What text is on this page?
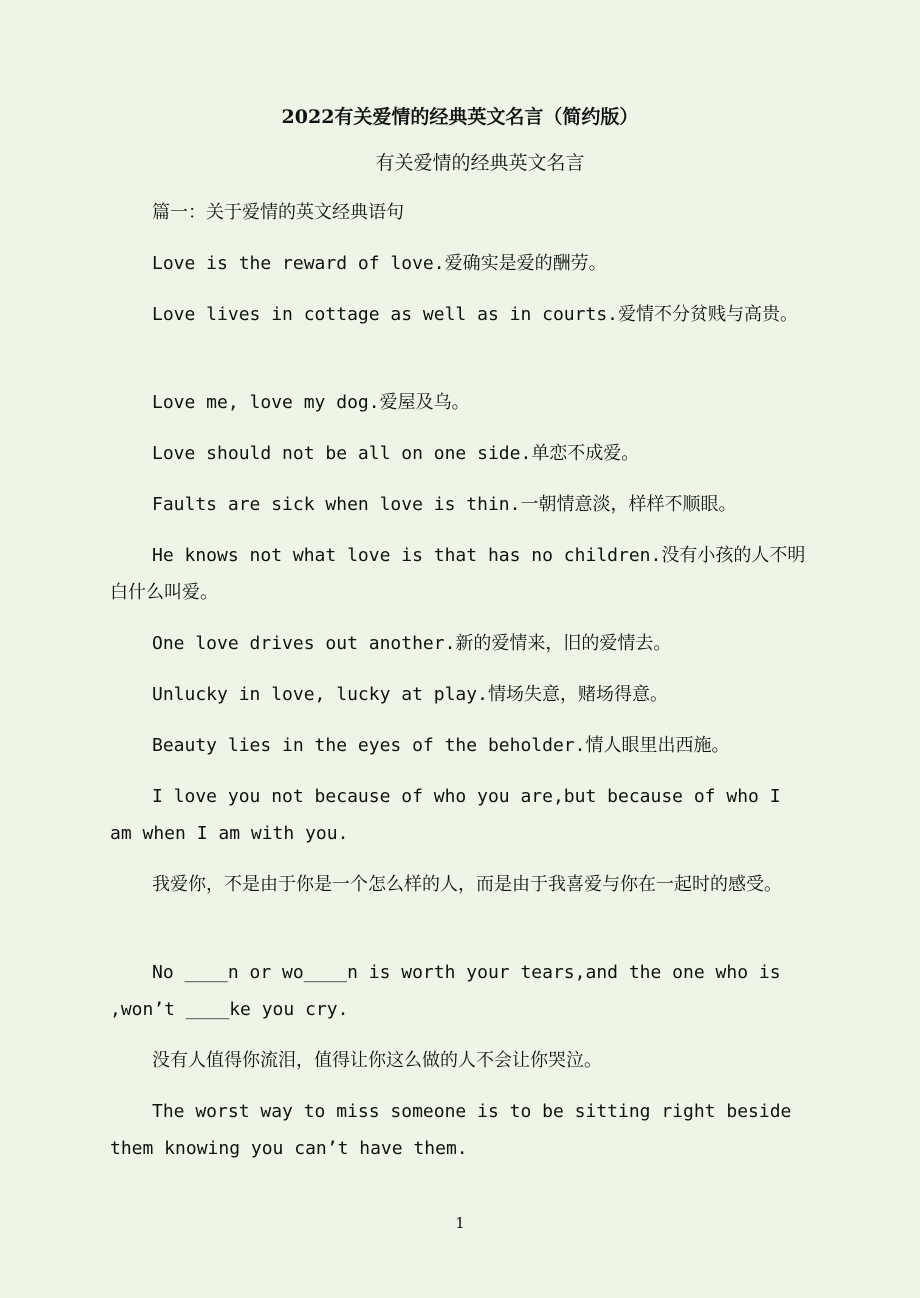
2022有关爱情的经典英文名言（简约版）
有关爱情的经典英文名言
篇一：关于爱情的英文经典语句
Love is the reward of love.爱确实是爱的酬劳。
Love lives in cottage as well as in courts.爱情不分贫贱与高贵。
Love me, love my dog.爱屋及乌。
Love should not be all on one side.单恋不成爱。
Faults are sick when love is thin.一朝情意淡，样样不顺眼。
He knows not what love is that has no children.没有小孩的人不明白什么叫爱。
One love drives out another.新的爱情来，旧的爱情去。
Unlucky in love, lucky at play.情场失意，赌场得意。
Beauty lies in the eyes of the beholder.情人眼里出西施。
I love you not because of who you are,but because of who I am when I am with you.
我爱你，不是由于你是一个怎么样的人，而是由于我喜爱与你在一起时的感受。
No ____n or wo____n is worth your tears,and the one who is ,won’t ____ke you cry.
没有人值得你流泪，值得让你这么做的人不会让你哭泣。
The worst way to miss someone is to be sitting right beside them knowing you can’t have them.
1
